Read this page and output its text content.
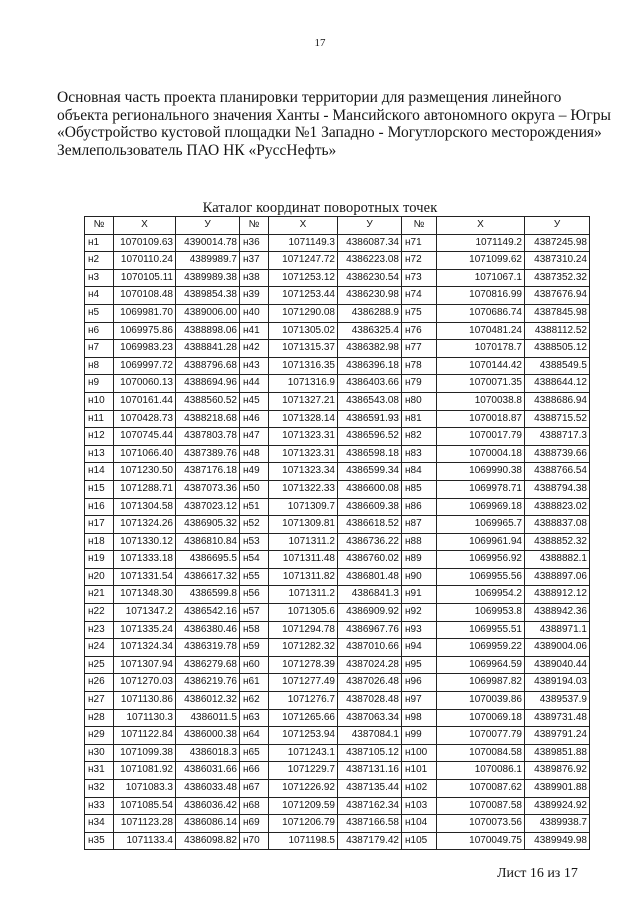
17
Основная часть проекта планировки территории для размещения линейного
объекта регионального значения Ханты - Мансийского автономного округа – Югры
«Обустройство кустовой площадки №1 Западно - Могутлорского месторождения»
Землепользователь ПАО НК «РуссНефть»
Каталог координат поворотных точек
№	X	У	№	X	У	№	X	У
н1	1070109.63	4390014.78	н36	1071149.3	4386087.34	н71	1071149.2	4387245.98
н2	1070110.24	4389989.7	н37	1071247.72	4386223.08	н72	1071099.62	4387310.24
н3	1070105.11	4389989.38	н38	1071253.12	4386230.54	н73	1071067.1	4387352.32
н4	1070108.48	4389854.38	н39	1071253.44	4386230.98	н74	1070816.99	4387676.94
н5	1069981.70	4389006.00	н40	1071290.08	4386288.9	н75	1070686.74	4387845.98
н6	1069975.86	4388898.06	н41	1071305.02	4386325.4	н76	1070481.24	4388112.52
н7	1069983.23	4388841.28	н42	1071315.37	4386382.98	н77	1070178.7	4388505.12
н8	1069997.72	4388796.68	н43	1071316.35	4386396.18	н78	1070144.42	4388549.5
н9	1070060.13	4388694.96	н44	1071316.9	4386403.66	н79	1070071.35	4388644.12
н10	1070161.44	4388560.52	н45	1071327.21	4386543.08	н80	1070038.8	4388686.94
н11	1070428.73	4388218.68	н46	1071328.14	4386591.93	н81	1070018.87	4388715.52
н12	1070745.44	4387803.78	н47	1071323.31	4386596.52	н82	1070017.79	4388717.3
н13	1071066.40	4387389.76	н48	1071323.31	4386598.18	н83	1070004.18	4388739.66
н14	1071230.50	4387176.18	н49	1071323.34	4386599.34	н84	1069990.38	4388766.54
н15	1071288.71	4387073.36	н50	1071322.33	4386600.08	н85	1069978.71	4388794.38
н16	1071304.58	4387023.12	н51	1071309.7	4386609.38	н86	1069969.18	4388823.02
н17	1071324.26	4386905.32	н52	1071309.81	4386618.52	н87	1069965.7	4388837.08
н18	1071330.12	4386810.84	н53	1071311.2	4386736.22	н88	1069961.94	4388852.32
н19	1071333.18	4386695.5	н54	1071311.48	4386760.02	н89	1069956.92	4388882.1
н20	1071331.54	4386617.32	н55	1071311.82	4386801.48	н90	1069955.56	4388897.06
н21	1071348.30	4386599.8	н56	1071311.2	4386841.3	н91	1069954.2	4388912.12
н22	1071347.2	4386542.16	н57	1071305.6	4386909.92	н92	1069953.8	4388942.36
н23	1071335.24	4386380.46	н58	1071294.78	4386967.76	н93	1069955.51	4388971.1
н24	1071324.34	4386319.78	н59	1071282.32	4387010.66	н94	1069959.22	4389004.06
н25	1071307.94	4386279.68	н60	1071278.39	4387024.28	н95	1069964.59	4389040.44
н26	1071270.03	4386219.76	н61	1071277.49	4387026.48	н96	1069987.82	4389194.03
н27	1071130.86	4386012.32	н62	1071276.7	4387028.48	н97	1070039.86	4389537.9
н28	1071130.3	4386011.5	н63	1071265.66	4387063.34	н98	1070069.18	4389731.48
н29	1071122.84	4386000.38	н64	1071253.94	4387084.1	н99	1070077.79	4389791.24
н30	1071099.38	4386018.3	н65	1071243.1	4387105.12	н100	1070084.58	4389851.88
н31	1071081.92	4386031.66	н66	1071229.7	4387131.16	н101	1070086.1	4389876.92
н32	1071083.3	4386033.48	н67	1071226.92	4387135.44	н102	1070087.62	4389901.88
н33	1071085.54	4386036.42	н68	1071209.59	4387162.34	н103	1070087.58	4389924.92
н34	1071123.28	4386086.14	н69	1071206.79	4387166.58	н104	1070073.56	4389938.7
н35	1071133.4	4386098.82	н70	1071198.5	4387179.42	н105	1070049.75	4389949.98
Лист 16 из 17
